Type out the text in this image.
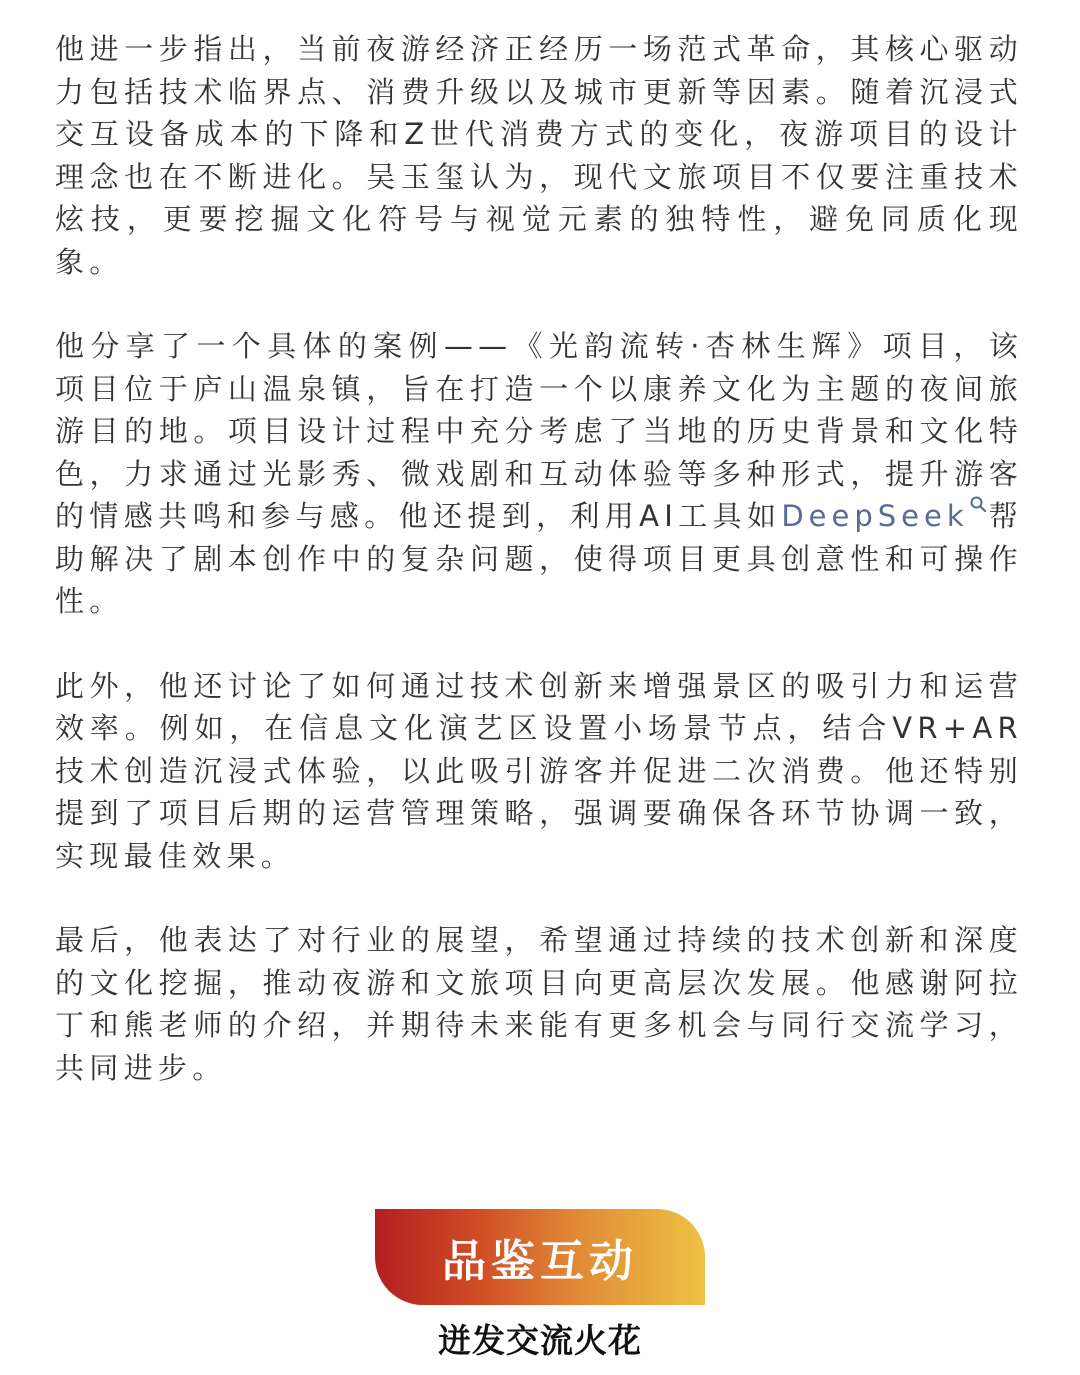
他进一步指出，当前夜游经济正经历一场范式革命，其核心驱动力包括技术临界点、消费升级以及城市更新等因素。随着沉浸式交互设备成本的下降和Z世代消费方式的变化，夜游项目的设计理念也在不断进化。吴玉玺认为，现代文旅项目不仅要注重技术炫技，更要挖掘文化符号与视觉元素的独特性，避免同质化现象。

他分享了一个具体的案例——《光韵流转·杏林生辉》项目，该项目位于庐山温泉镇，旨在打造一个以康养文化为主题的夜间旅游目的地。项目设计过程中充分考虑了当地的历史背景和文化特色，力求通过光影秀、微戏剧和互动体验等多种形式，提升游客的情感共鸣和参与感。他还提到，利用AI工具如DeepSeek 帮助解决了剧本创作中的复杂问题，使得项目更具创意性和可操作性。

此外，他还讨论了如何通过技术创新来增强景区的吸引力和运营效率。例如，在信息文化演艺区设置小场景节点，结合VR+AR技术创造沉浸式体验，以此吸引游客并促进二次消费。他还特别提到了项目后期的运营管理策略，强调要确保各环节协调一致，实现最佳效果。

最后，他表达了对行业的展望，希望通过持续的技术创新和深度的文化挖掘，推动夜游和文旅项目向更高层次发展。他感谢阿拉丁和熊老师的介绍，并期待未来能有更多机会与同行交流学习，共同进步。

品鉴互动
迸发交流火花
